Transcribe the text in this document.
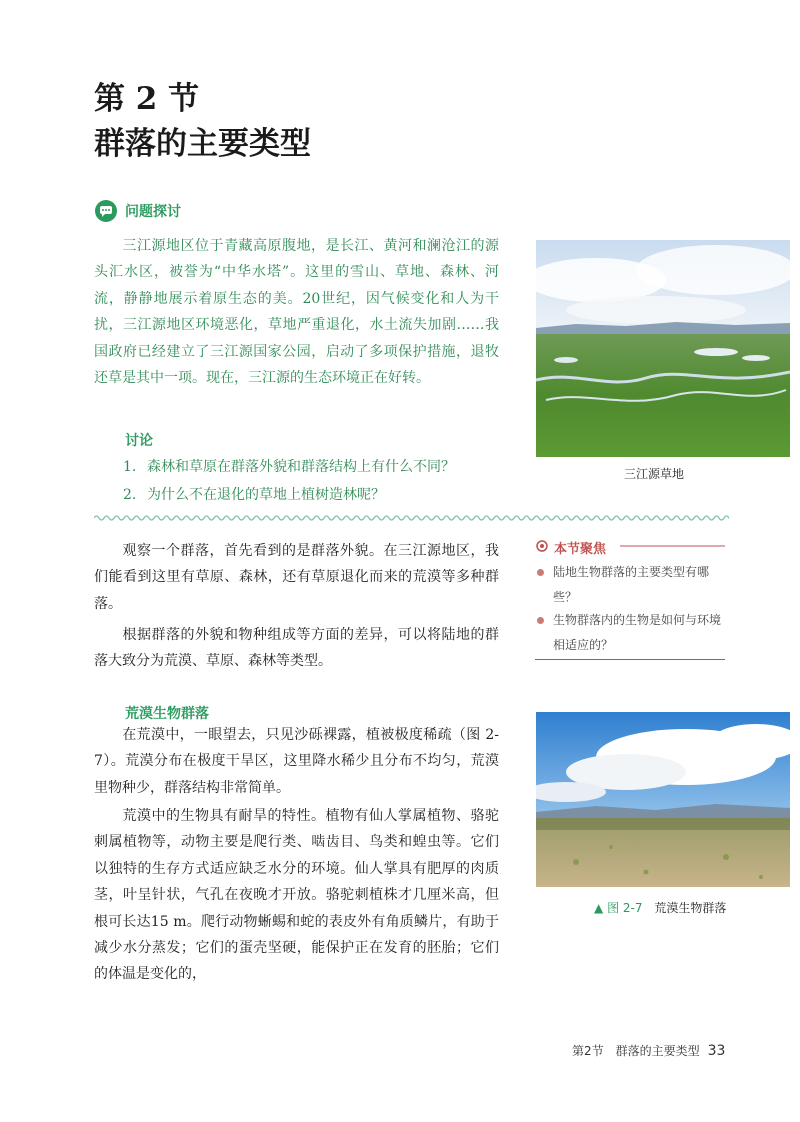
第 2 节
群落的主要类型
问题探讨
三江源地区位于青藏高原腹地，是长江、黄河和澜沧江的源头汇水区，被誉为“中华水塔”。这里的雪山、草地、森林、河流，静静地展示着原生态的美。20世纪，因气候变化和人为干扰，三江源地区环境恶化，草地严重退化，水土流失加剧……我国政府已经建立了三江源国家公园，启动了多项保护措施，退牧还草是其中一项。现在，三江源的生态环境正在好转。
讨论
1. 森林和草原在群落外貌和群落结构上有什么不同？
2. 为什么不在退化的草地上植树造林呢？
三江源草地
观察一个群落，首先看到的是群落外貌。在三江源地区，我们能看到这里有草原、森林，还有草原退化而来的荒漠等多种群落。
根据群落的外貌和物种组成等方面的差异，可以将陆地的群落大致分为荒漠、草原、森林等类型。
本节聚焦
陆地生物群落的主要类型有哪些？
生物群落内的生物是如何与环境相适应的？
荒漠生物群落
在荒漠中，一眼望去，只见沙砾裸露，植被极度稀疏（图 2-7）。荒漠分布在极度干旱区，这里降水稀少且分布不均匀，荒漠里物种少，群落结构非常简单。
荒漠中的生物具有耐旱的特性。植物有仙人掌属植物、骆驼刺属植物等，动物主要是爬行类、啮齿目、鸟类和蝗虫等。它们以独特的生存方式适应缺乏水分的环境。仙人掌具有肥厚的肉质茎，叶呈针状，气孔在夜晚才开放。骆驼刺植株才几厘米高，但根可长达15 m。爬行动物蜥蜴和蛇的表皮外有角质鳞片，有助于减少水分蒸发；它们的蛋壳坚硬，能保护正在发育的胚胎；它们的体温是变化的，
▲ 图 2-7 荒漠生物群落
第2节　群落的主要类型 33
